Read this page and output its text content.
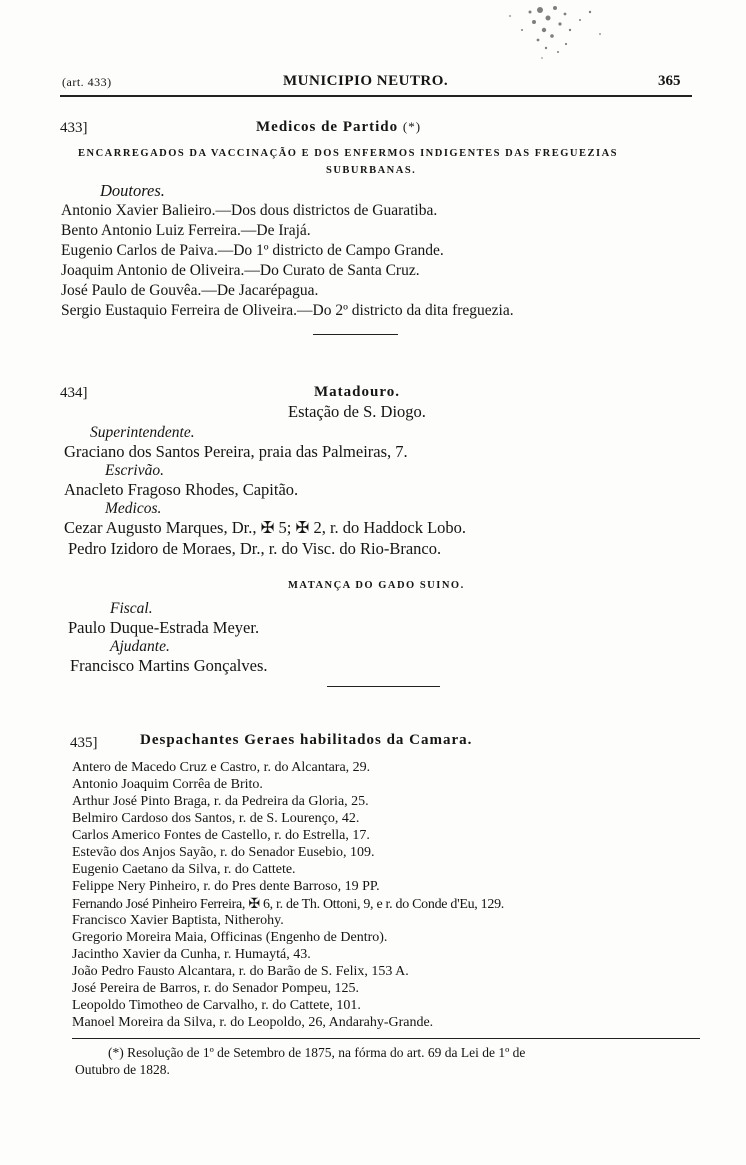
(art. 433)	MUNICIPIO NEUTRO.	365
433]	Medicos de Partido (*)
ENCARREGADOS DA VACCINAÇÃO E DOS ENFERMOS INDIGENTES DAS FREGUEZIAS
SUBURBANAS.
Doutores.
Antonio Xavier Balieiro.—Dos dous districtos de Guaratiba.
Bento Antonio Luiz Ferreira.—De Irajá.
Eugenio Carlos de Paiva.—Do 1º districto de Campo Grande.
Joaquim Antonio de Oliveira.—Do Curato de Santa Cruz.
José Paulo de Gouvêa.—De Jacarépagua.
Sergio Eustaquio Ferreira de Oliveira.—Do 2º districto da dita freguezia.
434]	Matadouro.
Estação de S. Diogo.
Superintendente.
Graciano dos Santos Pereira, praia das Palmeiras, 7.
Escrivão.
Anacleto Fragoso Rhodes, Capitão.
Medicos.
Cezar Augusto Marques, Dr., ✠ 5; ✠ 2, r. do Haddock Lobo.
Pedro Izidoro de Moraes, Dr., r. do Visc. do Rio-Branco.
MATANÇA DO GADO SUINO.
Fiscal.
Paulo Duque-Estrada Meyer.
Ajudante.
Francisco Martins Gonçalves.
435]	Despachantes Geraes habilitados da Camara.
Antero de Macedo Cruz e Castro, r. do Alcantara, 29.
Antonio Joaquim Corrêa de Brito.
Arthur José Pinto Braga, r. da Pedreira da Gloria, 25.
Belmiro Cardoso dos Santos, r. de S. Lourenço, 42.
Carlos Americo Fontes de Castello, r. do Estrella, 17.
Estevão dos Anjos Sayão, r. do Senador Eusebio, 109.
Eugenio Caetano da Silva, r. do Cattete.
Felippe Nery Pinheiro, r. do Pres dente Barroso, 19 PP.
Fernando José Pinheiro Ferreira, ✠ 6, r. de Th. Ottoni, 9, e r. do Conde d'Eu, 129.
Francisco Xavier Baptista, Nitherohy.
Gregorio Moreira Maia, Officinas (Engenho de Dentro).
Jacintho Xavier da Cunha, r. Humaytá, 43.
João Pedro Fausto Alcantara, r. do Barão de S. Felix, 153 A.
José Pereira de Barros, r. do Senador Pompeu, 125.
Leopoldo Timotheo de Carvalho, r. do Cattete, 101.
Manoel Moreira da Silva, r. do Leopoldo, 26, Andarahy-Grande.
(*) Resolução de 1º de Setembro de 1875, na fórma do art. 69 da Lei de 1º de
Outubro de 1828.
